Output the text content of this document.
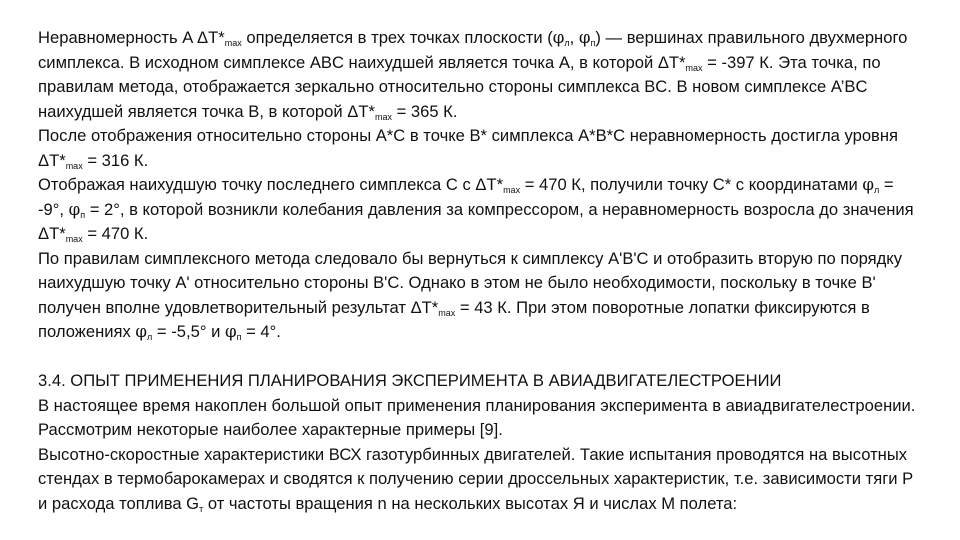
Неравномерность A $\Delta T*_{max}$ определяется в трех точках плоскости ($\varphi_л$, $\varphi_п$) — вершинах правильного двухмерного симплекса. В исходном симплексе ABC наихудшей является точка A, в которой $\Delta T*_{max} = -397$ К. Эта точка, по правилам метода, отображается зеркально относительно стороны симплекса BC. В новом симплексе A’BC наихудшей является точка B, в которой $\Delta T*_{max} = 365$ К.

После отображения относительно стороны A*C в точке B* симплекса A*B*C неравномерность достигла уровня $\Delta T*_{max} = 316$ К.

Отображая наихудшую точку последнего симплекса C с $\Delta T*_{max} = 470$ К, получили точку C* с координатами $\varphi_л = -9^\circ$, $\varphi_п = 2^\circ$, в которой возникли колебания давления за компрессором, а неравномерность возросла до значения $\Delta T*_{max} = 470$ К.

По правилам симплексного метода следовало бы вернуться к симплексу A'B'C и отобразить вторую по порядку наихудшую точку A' относительно стороны B'C. Однако в этом не было необходимости, поскольку в точке B' получен вполне удовлетворительный результат $\Delta T*_{max} = 43$ К. При этом поворотные лопатки фиксируются в положениях $\varphi_л = -5,5^\circ$ и $\varphi_п = 4^\circ$.

3.4. ОПЫТ ПРИМЕНЕНИЯ ПЛАНИРОВАНИЯ ЭКСПЕРИМЕНТА В АВИАДВИГАТЕЛЕСТРОЕНИИ

В настоящее время накоплен большой опыт применения планирования эксперимента в авиадвигателестроении. Рассмотрим некоторые наиболее характерные примеры [9].

Высотно-скоростные характеристики ВСХ газотурбинных двигателей. Такие испытания проводятся на высотных стендах в термобарокамерах и сводятся к получению серии дроссельных характеристик, т.е. зависимости тяги P и расхода топлива $G_т$ от частоты вращения n на нескольких высотах Я и числах M полета:
